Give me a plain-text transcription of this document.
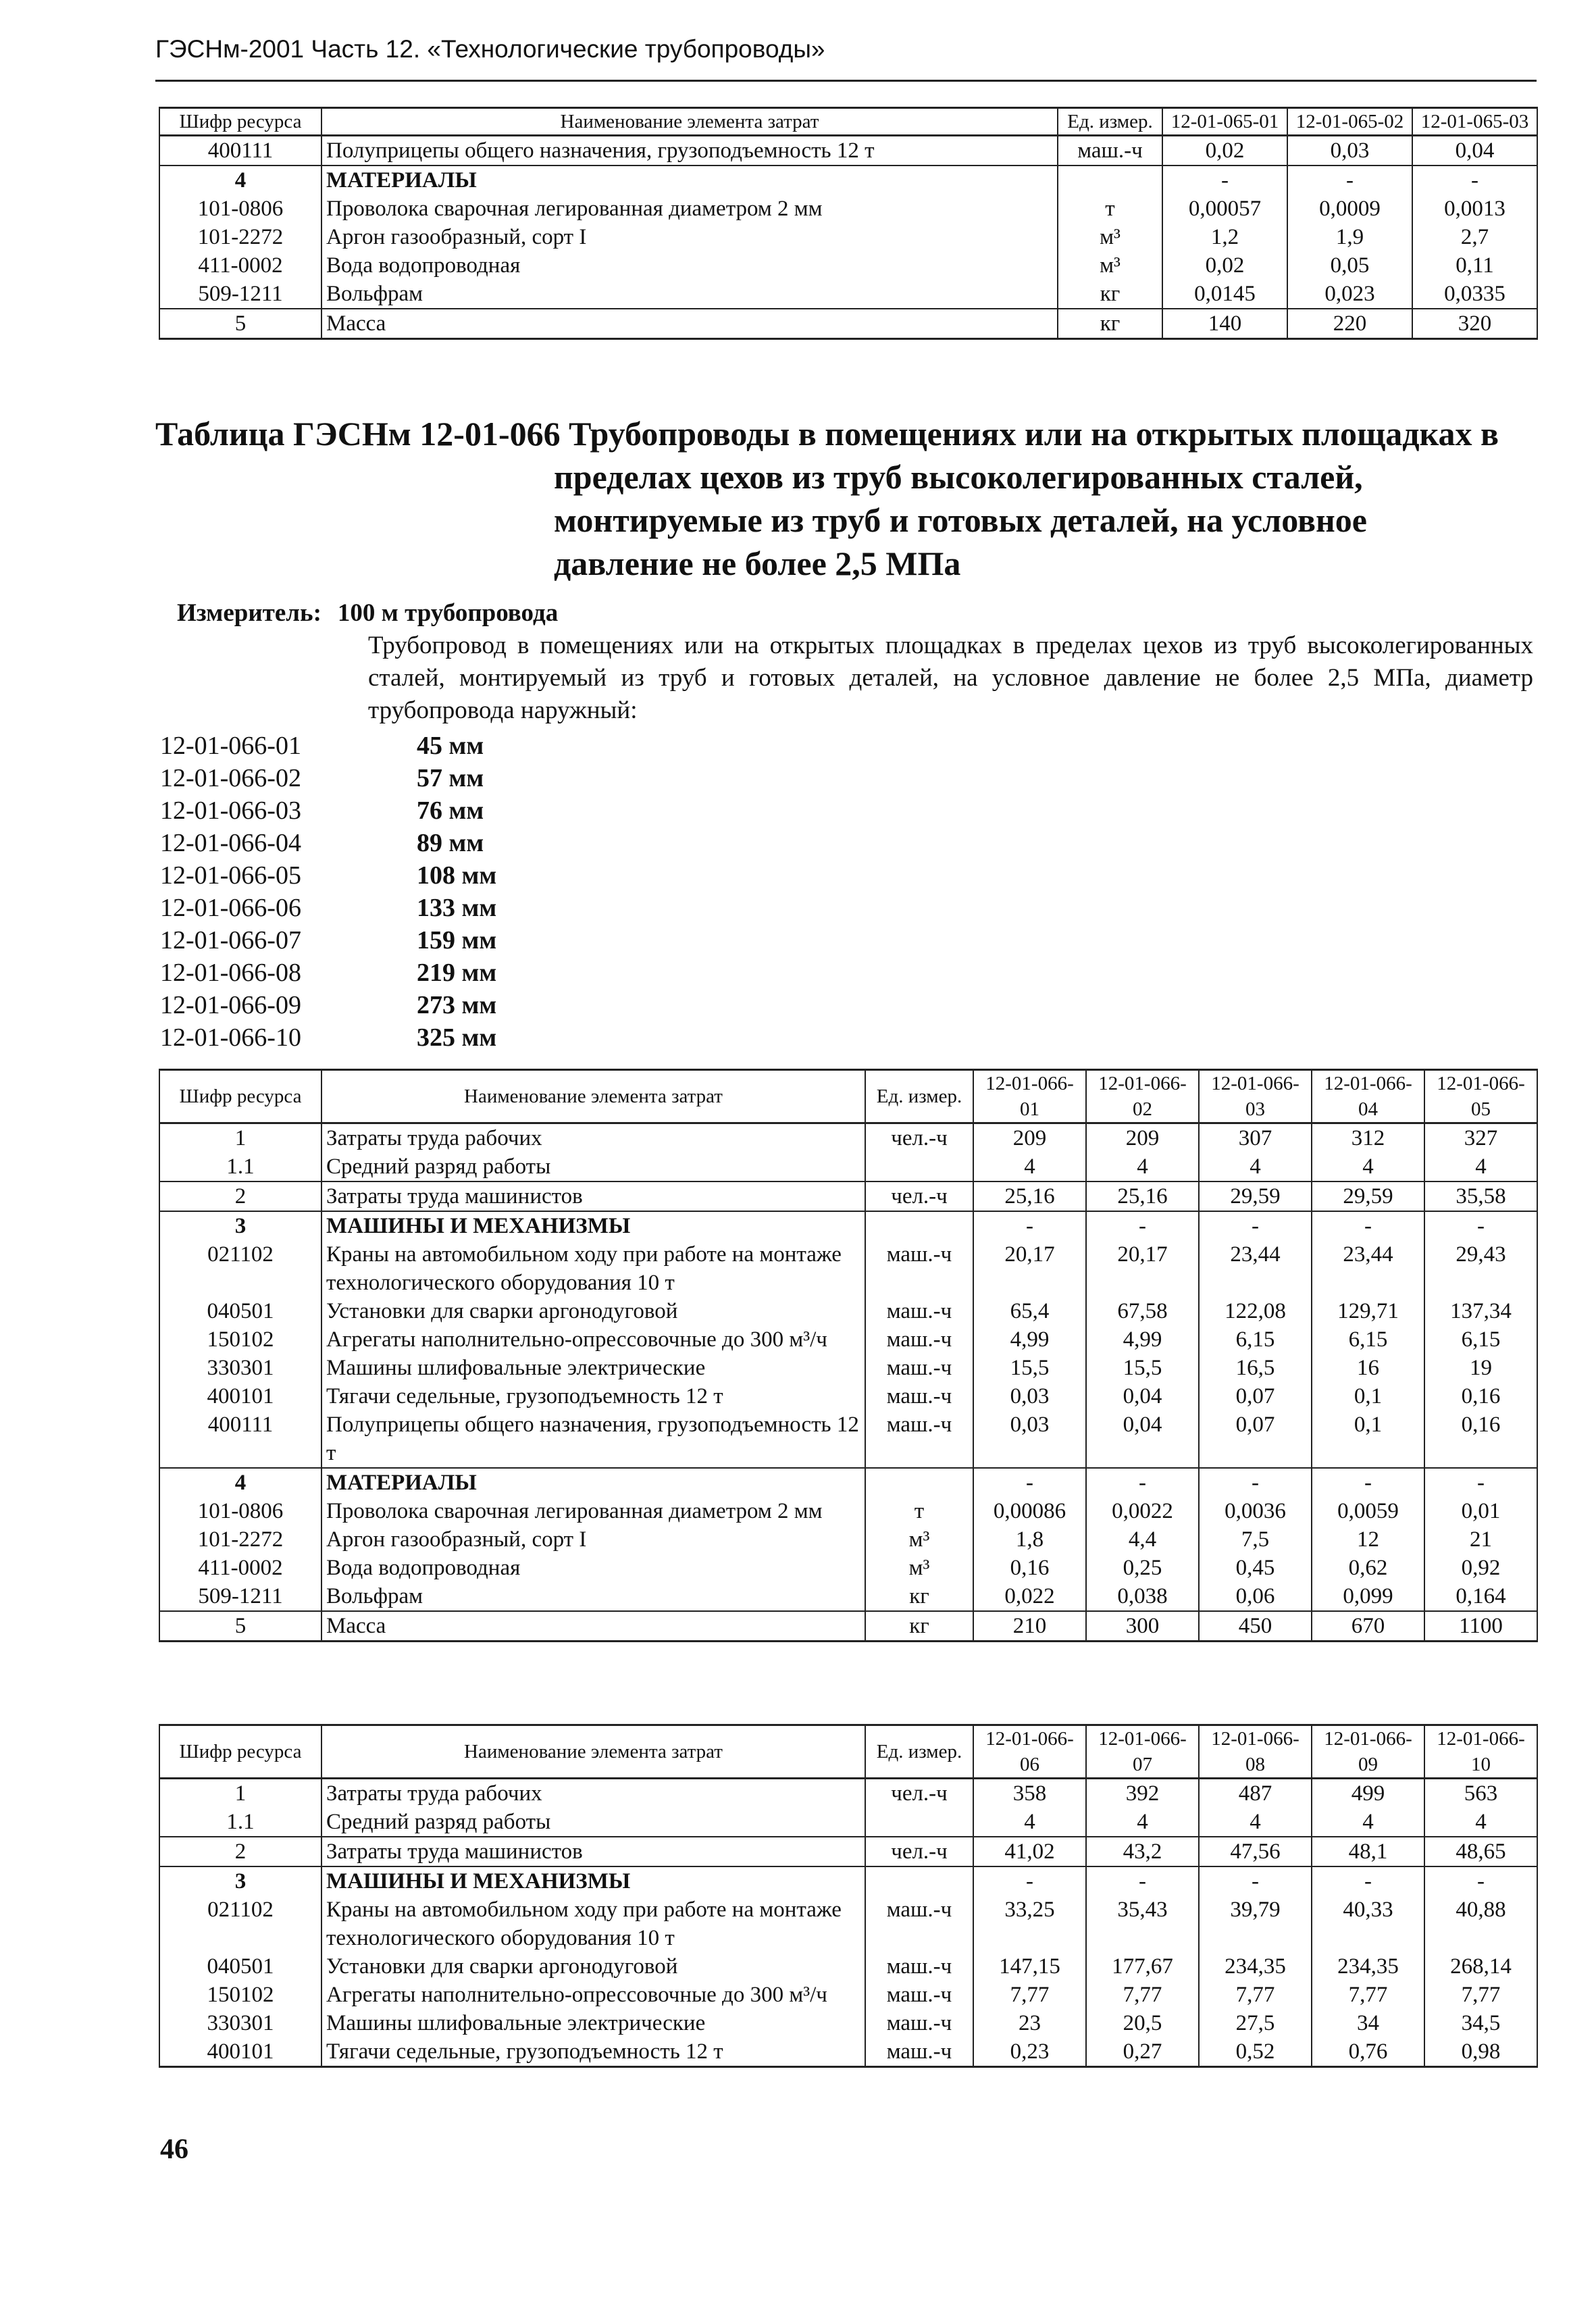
ГЭСНм-2001 Часть 12. «Технологические трубопроводы»
Шифр ресурса	Наименование элемента затрат	Ед. измер.	12-01-065-01	12-01-065-02	12-01-065-03
400111	Полуприцепы общего назначения, грузоподъемность 12 т	маш.-ч	0,02	0,03	0,04
4	МАТЕРИАЛЫ		-	-	-
101-0806	Проволока сварочная легированная диаметром 2 мм	т	0,00057	0,0009	0,0013
101-2272	Аргон газообразный, сорт I	м³	1,2	1,9	2,7
411-0002	Вода водопроводная	м³	0,02	0,05	0,11
509-1211	Вольфрам	кг	0,0145	0,023	0,0335
5	Масса	кг	140	220	320
Таблица ГЭСНм 12-01-066 Трубопроводы в помещениях или на открытых площадках в
пределах цехов из труб высоколегированных сталей, монтируемые из труб и готовых деталей, на условное давление не более 2,5 МПа
Измеритель: 100 м трубопровода
Трубопровод в помещениях или на открытых площадках в пределах цехов из труб высоколегированных сталей, монтируемый из труб и готовых деталей, на условное давление не более 2,5 МПа, диаметр трубопровода наружный:
12-01-066-01	45 мм
12-01-066-02	57 мм
12-01-066-03	76 мм
12-01-066-04	89 мм
12-01-066-05	108 мм
12-01-066-06	133 мм
12-01-066-07	159 мм
12-01-066-08	219 мм
12-01-066-09	273 мм
12-01-066-10	325 мм
Шифр ресурса	Наименование элемента затрат	Ед. измер.	12-01-066-01	12-01-066-02	12-01-066-03	12-01-066-04	12-01-066-05
1	Затраты труда рабочих	чел.-ч	209	209	307	312	327
1.1	Средний разряд работы		4	4	4	4	4
2	Затраты труда машинистов	чел.-ч	25,16	25,16	29,59	29,59	35,58
3	МАШИНЫ И МЕХАНИЗМЫ		-	-	-	-	-
021102	Краны на автомобильном ходу при работе на монтаже технологического оборудования 10 т	маш.-ч	20,17	20,17	23,44	23,44	29,43
040501	Установки для сварки аргонодуговой	маш.-ч	65,4	67,58	122,08	129,71	137,34
150102	Агрегаты наполнительно-опрессовочные до 300 м³/ч	маш.-ч	4,99	4,99	6,15	6,15	6,15
330301	Машины шлифовальные электрические	маш.-ч	15,5	15,5	16,5	16	19
400101	Тягачи седельные, грузоподъемность 12 т	маш.-ч	0,03	0,04	0,07	0,1	0,16
400111	Полуприцепы общего назначения, грузоподъемность 12 т	маш.-ч	0,03	0,04	0,07	0,1	0,16
4	МАТЕРИАЛЫ		-	-	-	-	-
101-0806	Проволока сварочная легированная диаметром 2 мм	т	0,00086	0,0022	0,0036	0,0059	0,01
101-2272	Аргон газообразный, сорт I	м³	1,8	4,4	7,5	12	21
411-0002	Вода водопроводная	м³	0,16	0,25	0,45	0,62	0,92
509-1211	Вольфрам	кг	0,022	0,038	0,06	0,099	0,164
5	Масса	кг	210	300	450	670	1100
Шифр ресурса	Наименование элемента затрат	Ед. измер.	12-01-066-06	12-01-066-07	12-01-066-08	12-01-066-09	12-01-066-10
1	Затраты труда рабочих	чел.-ч	358	392	487	499	563
1.1	Средний разряд работы		4	4	4	4	4
2	Затраты труда машинистов	чел.-ч	41,02	43,2	47,56	48,1	48,65
3	МАШИНЫ И МЕХАНИЗМЫ		-	-	-	-	-
021102	Краны на автомобильном ходу при работе на монтаже технологического оборудования 10 т	маш.-ч	33,25	35,43	39,79	40,33	40,88
040501	Установки для сварки аргонодуговой	маш.-ч	147,15	177,67	234,35	234,35	268,14
150102	Агрегаты наполнительно-опрессовочные до 300 м³/ч	маш.-ч	7,77	7,77	7,77	7,77	7,77
330301	Машины шлифовальные электрические	маш.-ч	23	20,5	27,5	34	34,5
400101	Тягачи седельные, грузоподъемность 12 т	маш.-ч	0,23	0,27	0,52	0,76	0,98
46
